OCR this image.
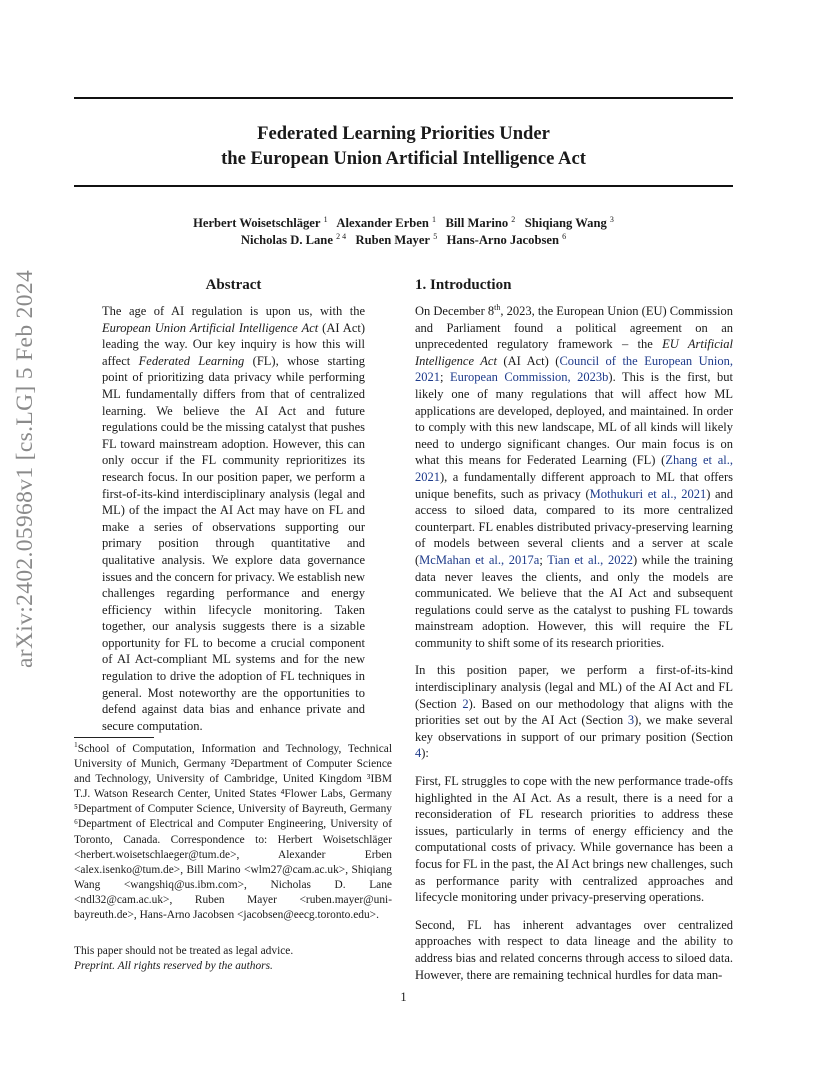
Federated Learning Priorities Under
the European Union Artificial Intelligence Act
Herbert Woisetschläger $^1$ Alexander Erben $^1$ Bill Marino $^2$ Shiqiang Wang $^3$
Nicholas D. Lane $^{2 4}$ Ruben Mayer $^5$ Hans-Arno Jacobsen $^6$
arXiv:2402.05968v1 [cs.LG] 5 Feb 2024	Abstract
The age of AI regulation is upon us, with the European Union Artificial Intelligence Act (AI Act) leading the way. Our key inquiry is how this will affect Federated Learning (FL), whose starting point of prioritizing data privacy while performing ML fundamentally differs from that of centralized learning. We believe the AI Act and future regulations could be the missing catalyst that pushes FL toward mainstream adoption. However, this can only occur if the FL community reprioritizes its research focus. In our position paper, we perform a first-of-its-kind interdisciplinary analysis (legal and ML) of the impact the AI Act may have on FL and make a series of observations supporting our primary position through quantitative and qualitative analysis. We explore data governance issues and the concern for privacy. We establish new challenges regarding performance and energy efficiency within lifecycle monitoring. Taken together, our analysis suggests there is a sizable opportunity for FL to become a crucial component of AI Act-compliant ML systems and for the new regulation to drive the adoption of FL techniques in general. Most noteworthy are the opportunities to defend against data bias and enhance private and secure computation.
$^1$School of Computation, Information and Technology, Technical University of Munich, Germany ²Department of Computer Science and Technology, University of Cambridge, United Kingdom ³IBM T.J. Watson Research Center, United States ⁴Flower Labs, Germany ⁵Department of Computer Science, University of Bayreuth, Germany ⁶Department of Electrical and Computer Engineering, University of Toronto, Canada. Correspondence to: Herbert Woisetschläger <herbert.woisetschlaeger@tum.de>, Alexander Erben <alex.isenko@tum.de>, Bill Marino <wlm27@cam.ac.uk>, Shiqiang Wang <wangshiq@us.ibm.com>, Nicholas D. Lane <ndl32@cam.ac.uk>, Ruben Mayer <ruben.mayer@uni-bayreuth.de>, Hans-Arno Jacobsen <jacobsen@eecg.toronto.edu>.
This paper should not be treated as legal advice.
Preprint. All rights reserved by the authors.
1. Introduction

On December 8th, 2023, the European Union (EU) Commission and Parliament found a political agreement on an unprecedented regulatory framework – the EU Artificial Intelligence Act (AI Act) (Council of the European Union, 2021; European Commission, 2023b). This is the first, but likely one of many regulations that will affect how ML applications are developed, deployed, and maintained. In order to comply with this new landscape, ML of all kinds will likely need to undergo significant changes. Our main focus is on what this means for Federated Learning (FL) (Zhang et al., 2021), a fundamentally different approach to ML that offers unique benefits, such as privacy (Mothukuri et al., 2021) and access to siloed data, compared to its more centralized counterpart. FL enables distributed privacy-preserving learning of models between several clients and a server at scale (McMahan et al., 2017a; Tian et al., 2022) while the training data never leaves the clients, and only the models are communicated. We believe that the AI Act and subsequent regulations could serve as the catalyst to pushing FL towards mainstream adoption. However, this will require the FL community to shift some of its research priorities.

In this position paper, we perform a first-of-its-kind interdisciplinary analysis (legal and ML) of the AI Act and FL (Section 2). Based on our methodology that aligns with the priorities set out by the AI Act (Section 3), we make several key observations in support of our primary position (Section 4):

First, FL struggles to cope with the new performance trade-offs highlighted in the AI Act. As a result, there is a need for a reconsideration of FL research priorities to address these issues, particularly in terms of energy efficiency and the computational costs of privacy. While governance has been a focus for FL in the past, the AI Act brings new challenges, such as performance parity with centralized approaches and lifecycle monitoring under privacy-preserving operations.

Second, FL has inherent advantages over centralized approaches with respect to data lineage and the ability to address bias and related concerns through access to siloed data. However, there are remaining technical hurdles for data man-

1
